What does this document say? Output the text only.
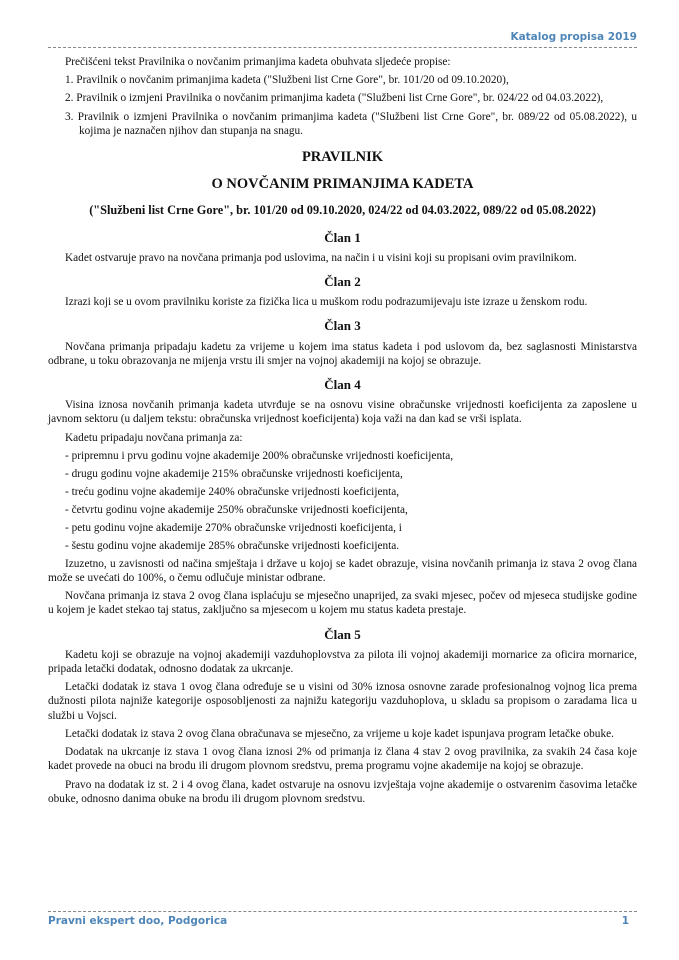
Katalog propisa 2019

Prečišćeni tekst Pravilnika o novčanim primanjima kadeta obuhvata sljedeće propise:

1. Pravilnik o novčanim primanjima kadeta ("Službeni list Crne Gore", br. 101/20 od 09.10.2020),

2. Pravilnik o izmjeni Pravilnika o novčanim primanjima kadeta ("Službeni list Crne Gore", br. 024/22 od 04.03.2022),

3. Pravilnik o izmjeni Pravilnika o novčanim primanjima kadeta ("Službeni list Crne Gore", br. 089/22 od 05.08.2022), u kojima je naznačen njihov dan stupanja na snagu.

PRAVILNIK
O NOVČANIM PRIMANJIMA KADETA
("Službeni list Crne Gore", br. 101/20 od 09.10.2020, 024/22 od 04.03.2022, 089/22 od 05.08.2022)
Član 1

Kadet ostvaruje pravo na novčana primanja pod uslovima, na način i u visini koji su propisani ovim pravilnikom.

Član 2

Izrazi koji se u ovom pravilniku koriste za fizička lica u muškom rodu podrazumijevaju iste izraze u ženskom rodu.

Član 3

Novčana primanja pripadaju kadetu za vrijeme u kojem ima status kadeta i pod uslovom da, bez saglasnosti Ministarstva odbrane, u toku obrazovanja ne mijenja vrstu ili smjer na vojnoj akademiji na kojoj se obrazuje.

Član 4

Visina iznosa novčanih primanja kadeta utvrđuje se na osnovu visine obračunske vrijednosti koeficijenta za zaposlene u javnom sektoru (u daljem tekstu: obračunska vrijednost koeficijenta) koja važi na dan kad se vrši isplata.

Kadetu pripadaju novčana primanja za:

- pripremnu i prvu godinu vojne akademije 200% obračunske vrijednosti koeficijenta,

- drugu godinu vojne akademije 215% obračunske vrijednosti koeficijenta,

- treću godinu vojne akademije 240% obračunske vrijednosti koeficijenta,

- četvrtu godinu vojne akademije 250% obračunske vrijednosti koeficijenta,

- petu godinu vojne akademije 270% obračunske vrijednosti koeficijenta, i

- šestu godinu vojne akademije 285% obračunske vrijednosti koeficijenta.

Izuzetno, u zavisnosti od načina smještaja i države u kojoj se kadet obrazuje, visina novčanih primanja iz stava 2 ovog člana može se uvećati do 100%, o čemu odlučuje ministar odbrane.

Novčana primanja iz stava 2 ovog člana isplaćuju se mjesečno unaprijed, za svaki mjesec, počev od mjeseca studijske godine u kojem je kadet stekao taj status, zaključno sa mjesecom u kojem mu status kadeta prestaje.

Član 5

Kadetu koji se obrazuje na vojnoj akademiji vazduhoplovstva za pilota ili vojnoj akademiji mornarice za oficira mornarice, pripada letački dodatak, odnosno dodatak za ukrcanje.

Letački dodatak iz stava 1 ovog člana određuje se u visini od 30% iznosa osnovne zarade profesionalnog vojnog lica prema dužnosti pilota najniže kategorije osposobljenosti za najnižu kategoriju vazduhoplova, u skladu sa propisom o zaradama lica u službi u Vojsci.

Letački dodatak iz stava 2 ovog člana obračunava se mjesečno, za vrijeme u koje kadet ispunjava program letačke obuke.

Dodatak na ukrcanje iz stava 1 ovog člana iznosi 2% od primanja iz člana 4 stav 2 ovog pravilnika, za svakih 24 časa koje kadet provede na obuci na brodu ili drugom plovnom sredstvu, prema programu vojne akademije na kojoj se obrazuje.

Pravo na dodatak iz st. 2 i 4 ovog člana, kadet ostvaruje na osnovu izvještaja vojne akademije o ostvarenim časovima letačke obuke, odnosno danima obuke na brodu ili drugom plovnom sredstvu.

Pravni ekspert doo, Podgorica	1
